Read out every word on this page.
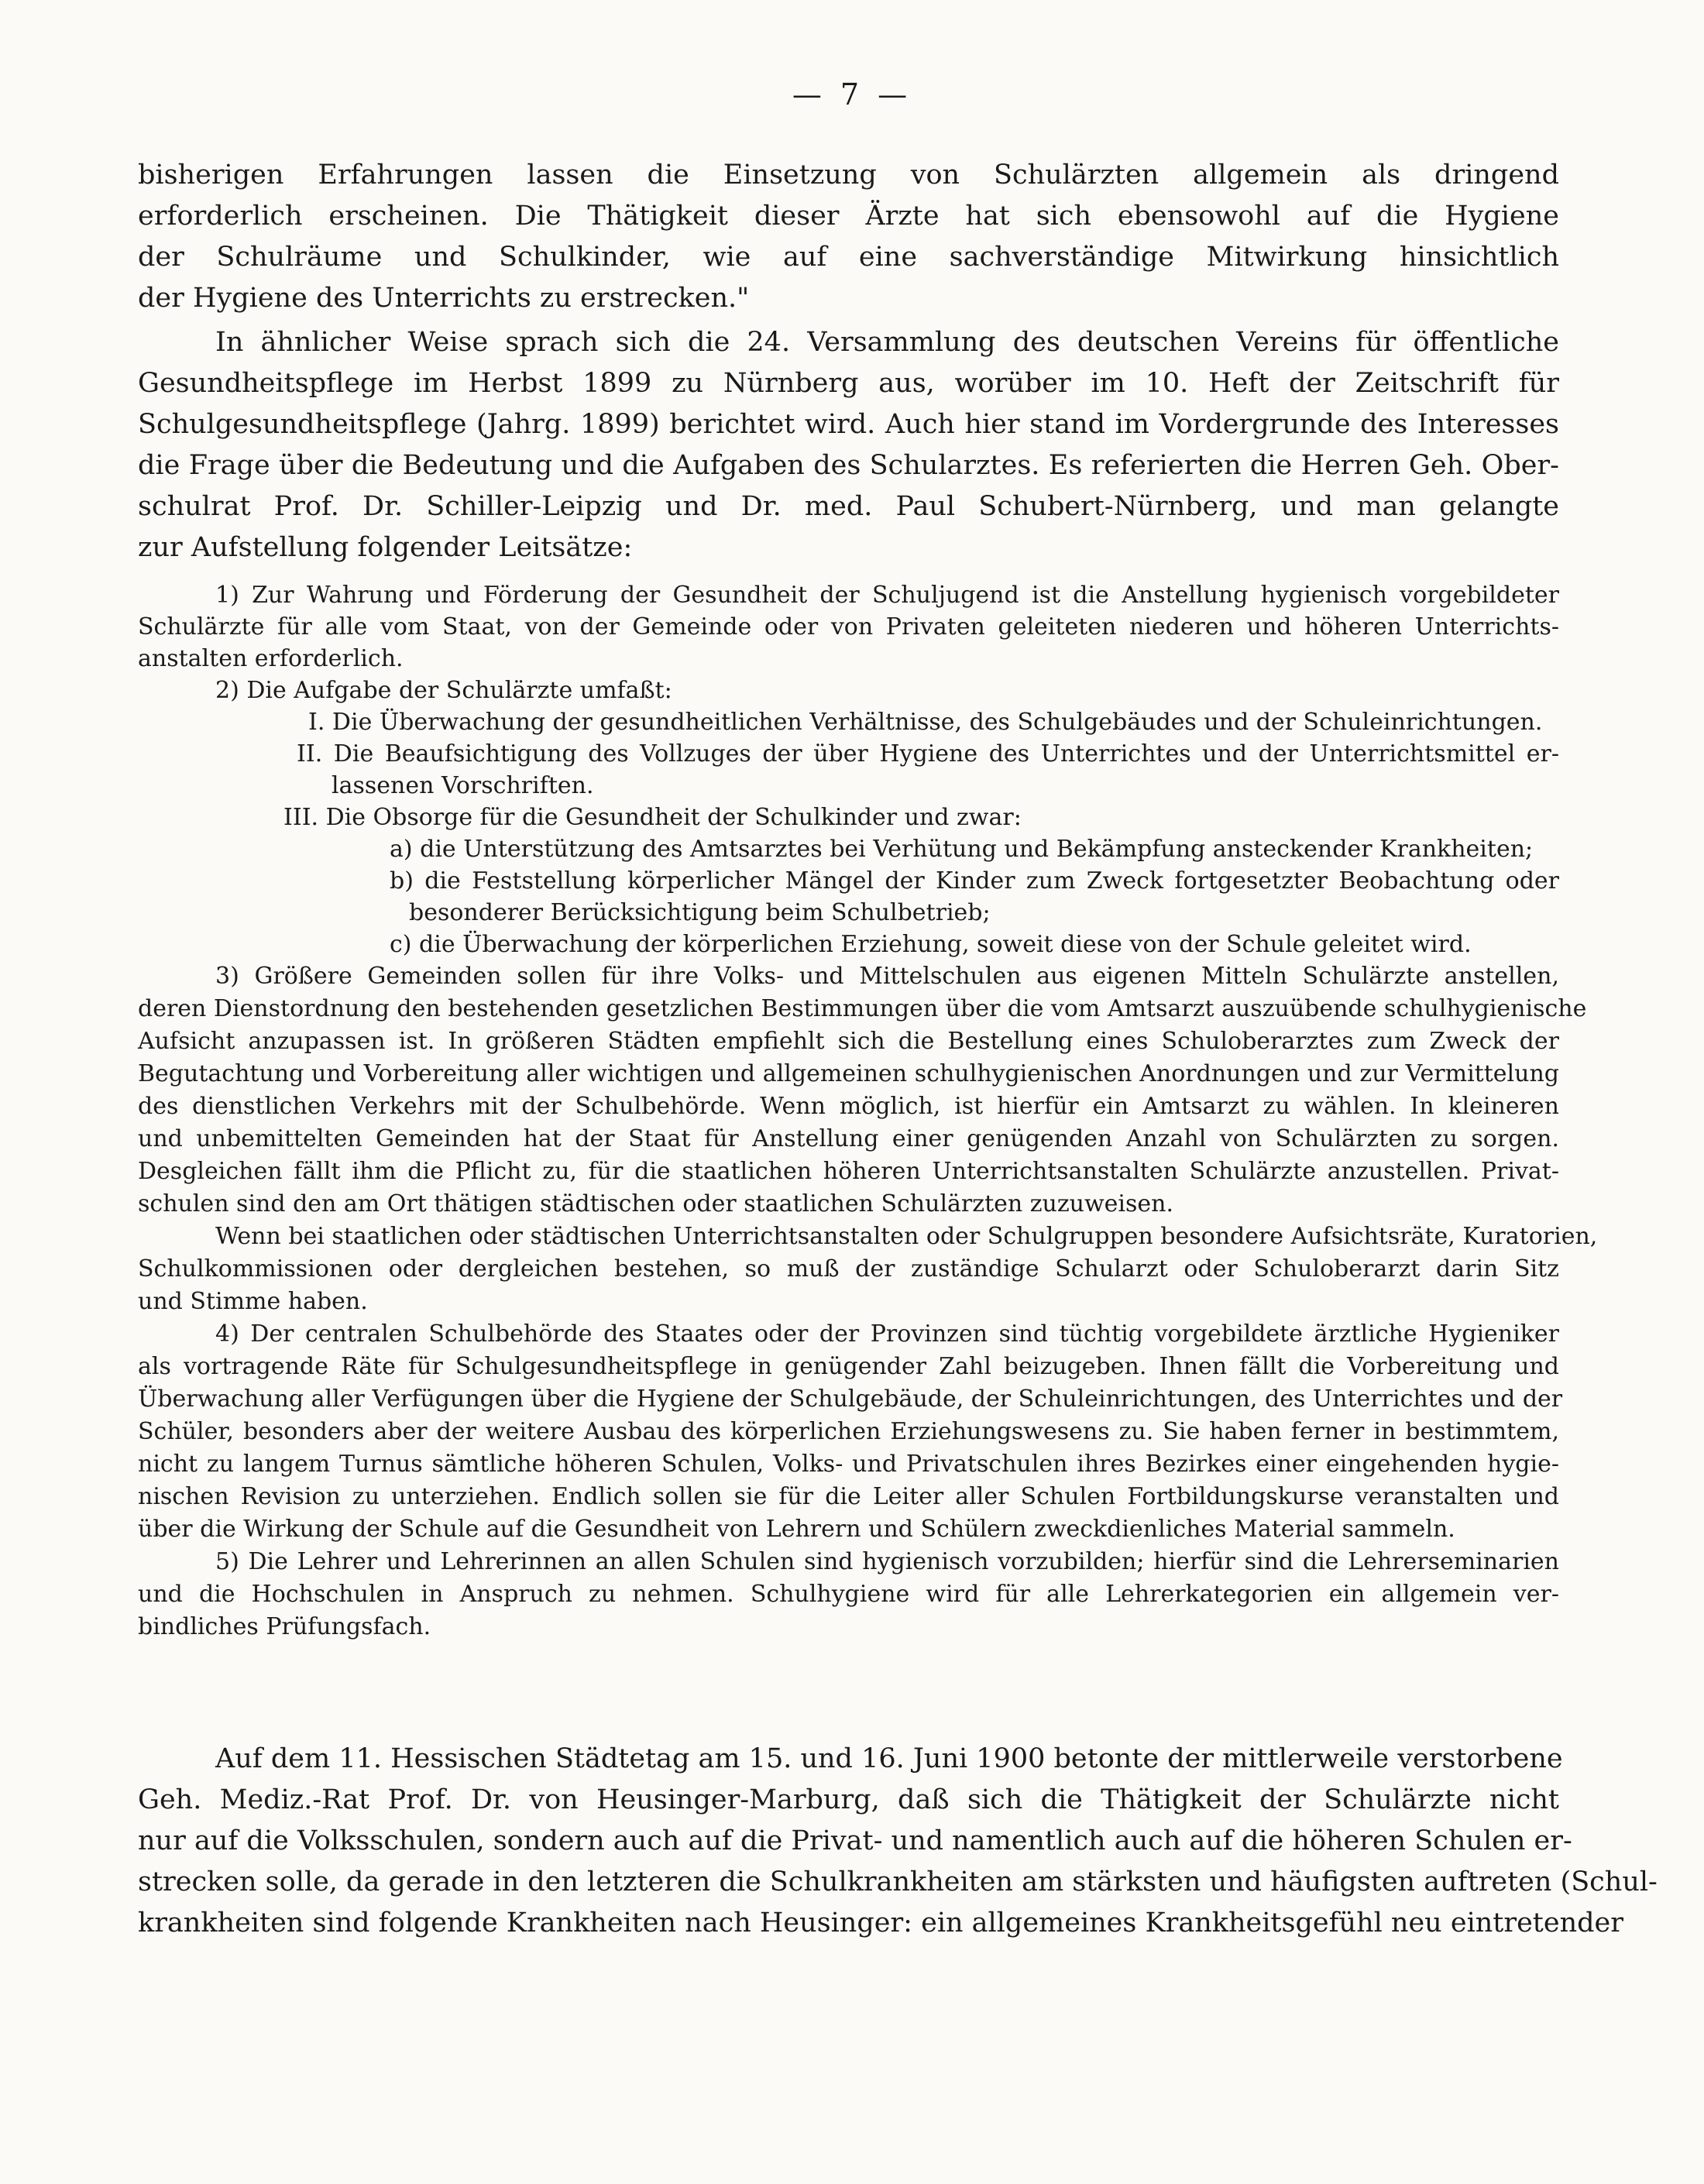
— 7 —
bisherigen Erfahrungen lassen die Einsetzung von Schulärzten allgemein als dringend
erforderlich erscheinen. Die Thätigkeit dieser Ärzte hat sich ebensowohl auf die Hygiene
der Schulräume und Schulkinder, wie auf eine sachverständige Mitwirkung hinsichtlich
der Hygiene des Unterrichts zu erstrecken."
In ähnlicher Weise sprach sich die 24. Versammlung des deutschen Vereins für öffentliche
Gesundheitspflege im Herbst 1899 zu Nürnberg aus, worüber im 10. Heft der Zeitschrift für
Schulgesundheitspflege (Jahrg. 1899) berichtet wird. Auch hier stand im Vordergrunde des Interesses
die Frage über die Bedeutung und die Aufgaben des Schularztes. Es referierten die Herren Geh. Ober-
schulrat Prof. Dr. Schiller-Leipzig und Dr. med. Paul Schubert-Nürnberg, und man gelangte
zur Aufstellung folgender Leitsätze:
1) Zur Wahrung und Förderung der Gesundheit der Schuljugend ist die Anstellung hygienisch vorgebildeter
Schulärzte für alle vom Staat, von der Gemeinde oder von Privaten geleiteten niederen und höheren Unterrichts-
anstalten erforderlich.
2) Die Aufgabe der Schulärzte umfaßt:
I. Die Überwachung der gesundheitlichen Verhältnisse, des Schulgebäudes und der Schuleinrichtungen.
II. Die Beaufsichtigung des Vollzuges der über Hygiene des Unterrichtes und der Unterrichtsmittel er-
lassenen Vorschriften.
III. Die Obsorge für die Gesundheit der Schulkinder und zwar:
a) die Unterstützung des Amtsarztes bei Verhütung und Bekämpfung ansteckender Krankheiten;
b) die Feststellung körperlicher Mängel der Kinder zum Zweck fortgesetzter Beobachtung oder
besonderer Berücksichtigung beim Schulbetrieb;
c) die Überwachung der körperlichen Erziehung, soweit diese von der Schule geleitet wird.
3) Größere Gemeinden sollen für ihre Volks- und Mittelschulen aus eigenen Mitteln Schulärzte anstellen,
deren Dienstordnung den bestehenden gesetzlichen Bestimmungen über die vom Amtsarzt auszuübende schulhygienische
Aufsicht anzupassen ist. In größeren Städten empfiehlt sich die Bestellung eines Schuloberarztes zum Zweck der
Begutachtung und Vorbereitung aller wichtigen und allgemeinen schulhygienischen Anordnungen und zur Vermittelung
des dienstlichen Verkehrs mit der Schulbehörde. Wenn möglich, ist hierfür ein Amtsarzt zu wählen. In kleineren
und unbemittelten Gemeinden hat der Staat für Anstellung einer genügenden Anzahl von Schulärzten zu sorgen.
Desgleichen fällt ihm die Pflicht zu, für die staatlichen höheren Unterrichtsanstalten Schulärzte anzustellen. Privat-
schulen sind den am Ort thätigen städtischen oder staatlichen Schulärzten zuzuweisen.
Wenn bei staatlichen oder städtischen Unterrichtsanstalten oder Schulgruppen besondere Aufsichtsräte, Kuratorien,
Schulkommissionen oder dergleichen bestehen, so muß der zuständige Schularzt oder Schuloberarzt darin Sitz
und Stimme haben.
4) Der centralen Schulbehörde des Staates oder der Provinzen sind tüchtig vorgebildete ärztliche Hygieniker
als vortragende Räte für Schulgesundheitspflege in genügender Zahl beizugeben. Ihnen fällt die Vorbereitung und
Überwachung aller Verfügungen über die Hygiene der Schulgebäude, der Schuleinrichtungen, des Unterrichtes und der
Schüler, besonders aber der weitere Ausbau des körperlichen Erziehungswesens zu. Sie haben ferner in bestimmtem,
nicht zu langem Turnus sämtliche höheren Schulen, Volks- und Privatschulen ihres Bezirkes einer eingehenden hygie-
nischen Revision zu unterziehen. Endlich sollen sie für die Leiter aller Schulen Fortbildungskurse veranstalten und
über die Wirkung der Schule auf die Gesundheit von Lehrern und Schülern zweckdienliches Material sammeln.
5) Die Lehrer und Lehrerinnen an allen Schulen sind hygienisch vorzubilden; hierfür sind die Lehrerseminarien
und die Hochschulen in Anspruch zu nehmen. Schulhygiene wird für alle Lehrerkategorien ein allgemein ver-
bindliches Prüfungsfach.
Auf dem 11. Hessischen Städtetag am 15. und 16. Juni 1900 betonte der mittlerweile verstorbene
Geh. Mediz.-Rat Prof. Dr. von Heusinger-Marburg, daß sich die Thätigkeit der Schulärzte nicht
nur auf die Volksschulen, sondern auch auf die Privat- und namentlich auch auf die höheren Schulen er-
strecken solle, da gerade in den letzteren die Schulkrankheiten am stärksten und häufigsten auftreten (Schul-
krankheiten sind folgende Krankheiten nach Heusinger: ein allgemeines Krankheitsgefühl neu eintretender
